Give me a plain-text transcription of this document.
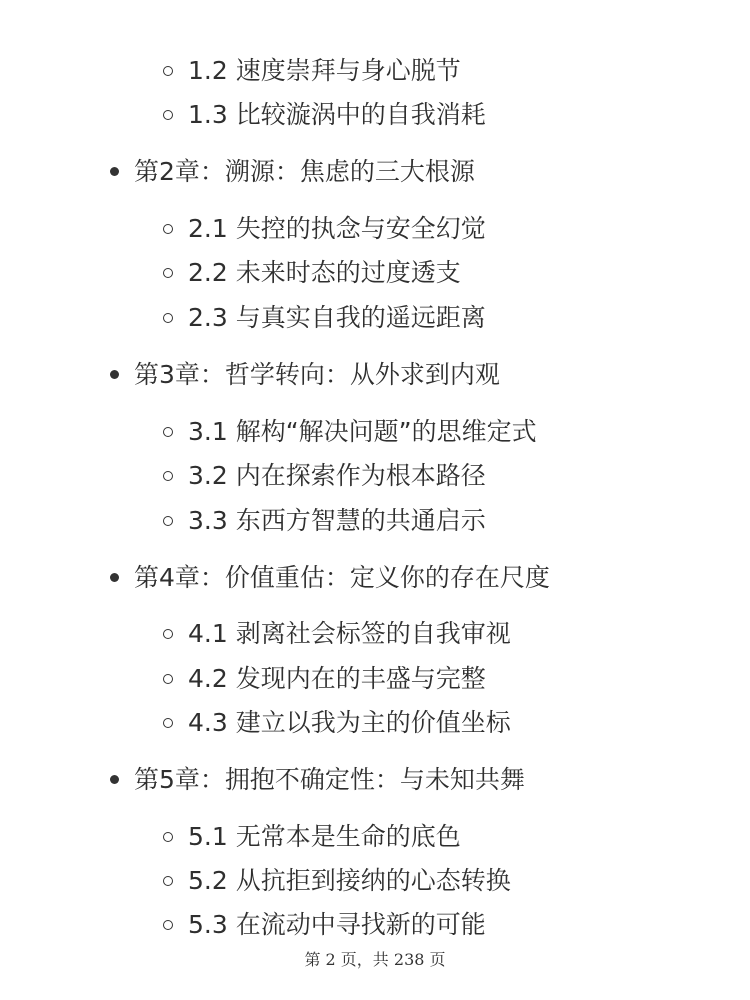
1.2 速度崇拜与身心脱节
1.3 比较漩涡中的自我消耗
第2章：溯源：焦虑的三大根源
2.1 失控的执念与安全幻觉
2.2 未来时态的过度透支
2.3 与真实自我的遥远距离
第3章：哲学转向：从外求到内观
3.1 解构“解决问题”的思维定式
3.2 内在探索作为根本路径
3.3 东西方智慧的共通启示
第4章：价值重估：定义你的存在尺度
4.1 剥离社会标签的自我审视
4.2 发现内在的丰盛与完整
4.3 建立以我为主的价值坐标
第5章：拥抱不确定性：与未知共舞
5.1 无常本是生命的底色
5.2 从抗拒到接纳的心态转换
5.3 在流动中寻找新的可能
第 2 页，共 238 页
